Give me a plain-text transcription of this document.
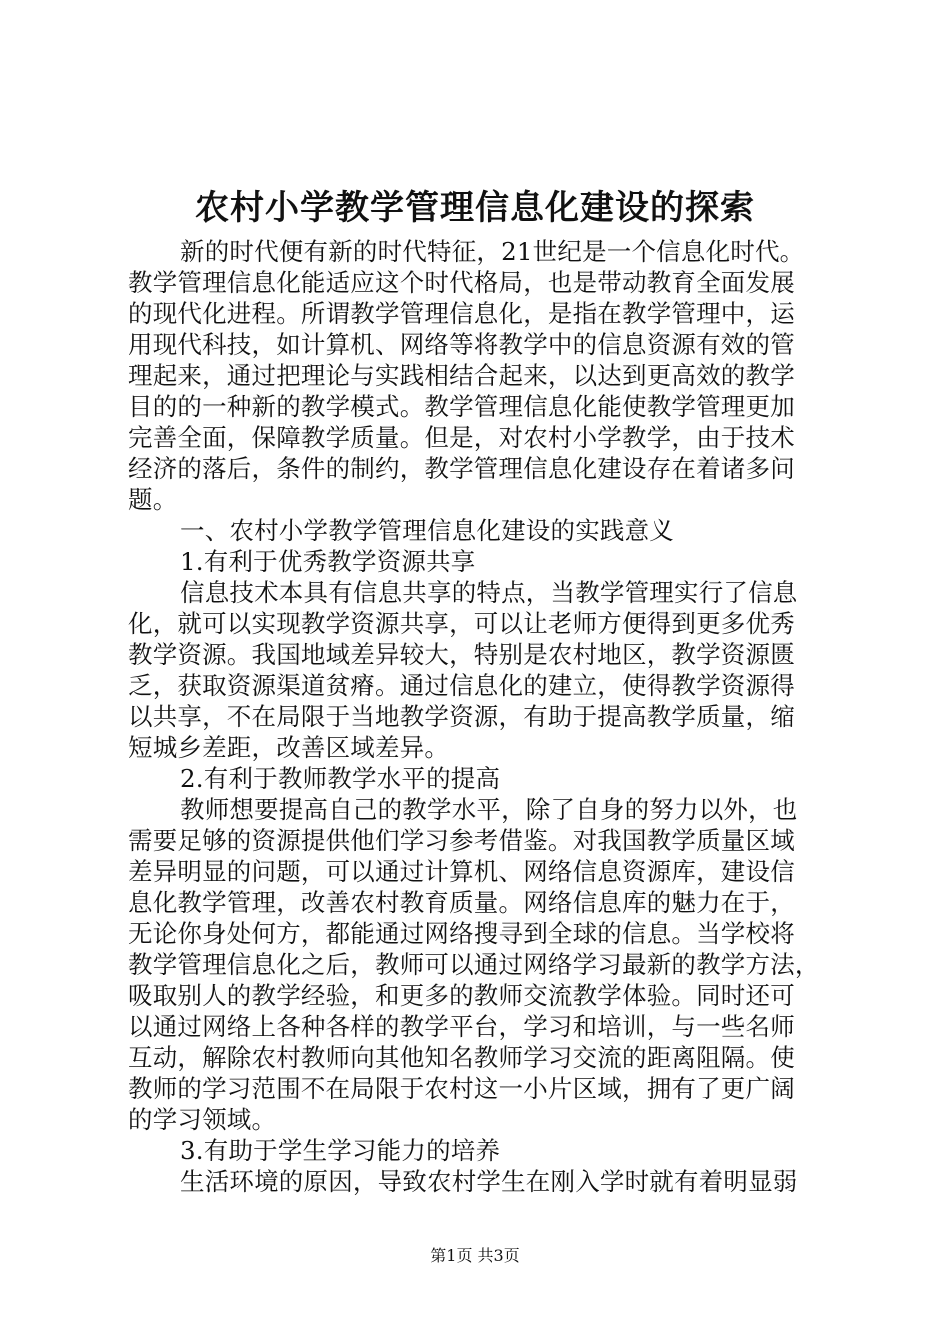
农村小学教学管理信息化建设的探索
新的时代便有新的时代特征，21世纪是一个信息化时代。
教学管理信息化能适应这个时代格局，也是带动教育全面发展
的现代化进程。所谓教学管理信息化，是指在教学管理中，运
用现代科技，如计算机、网络等将教学中的信息资源有效的管
理起来，通过把理论与实践相结合起来，以达到更高效的教学
目的的一种新的教学模式。教学管理信息化能使教学管理更加
完善全面，保障教学质量。但是，对农村小学教学，由于技术
经济的落后，条件的制约，教学管理信息化建设存在着诸多问
题。
一、农村小学教学管理信息化建设的实践意义
1.有利于优秀教学资源共享
信息技术本具有信息共享的特点，当教学管理实行了信息
化，就可以实现教学资源共享，可以让老师方便得到更多优秀
教学资源。我国地域差异较大，特别是农村地区，教学资源匮
乏，获取资源渠道贫瘠。通过信息化的建立，使得教学资源得
以共享，不在局限于当地教学资源，有助于提高教学质量，缩
短城乡差距，改善区域差异。
2.有利于教师教学水平的提高
教师想要提高自己的教学水平，除了自身的努力以外，也
需要足够的资源提供他们学习参考借鉴。对我国教学质量区域
差异明显的问题，可以通过计算机、网络信息资源库，建设信
息化教学管理，改善农村教育质量。网络信息库的魅力在于，
无论你身处何方，都能通过网络搜寻到全球的信息。当学校将
教学管理信息化之后，教师可以通过网络学习最新的教学方法，
吸取别人的教学经验，和更多的教师交流教学体验。同时还可
以通过网络上各种各样的教学平台，学习和培训，与一些名师
互动，解除农村教师向其他知名教师学习交流的距离阻隔。使
教师的学习范围不在局限于农村这一小片区域，拥有了更广阔
的学习领域。
3.有助于学生学习能力的培养
生活环境的原因，导致农村学生在刚入学时就有着明显弱
第1页 共3页
